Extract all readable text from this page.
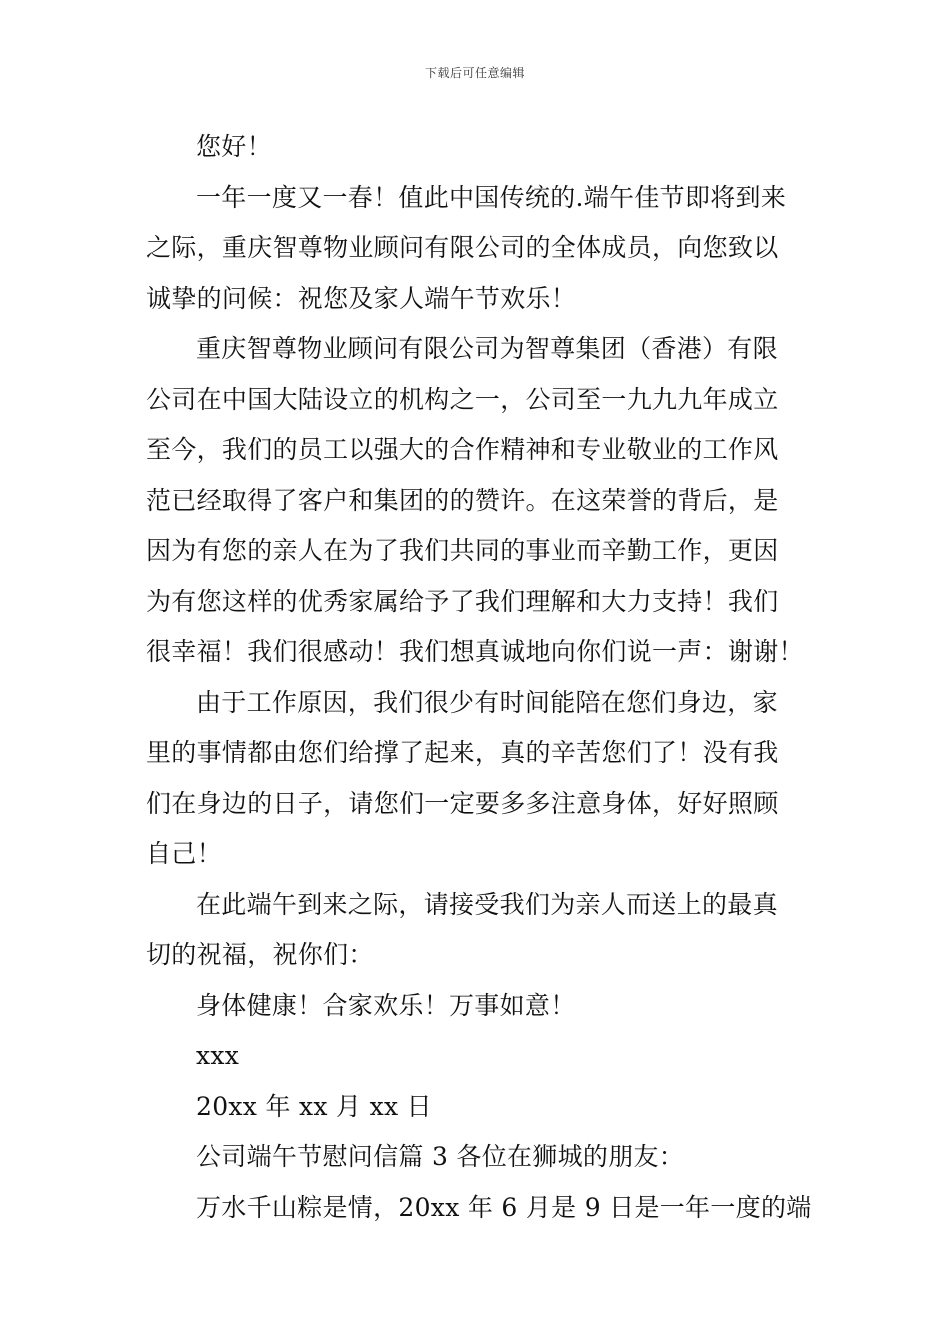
下载后可任意编辑
您好！
一年一度又一春！值此中国传统的.端午佳节即将到来
之际，重庆智尊物业顾问有限公司的全体成员，向您致以
诚挚的问候：祝您及家人端午节欢乐！
重庆智尊物业顾问有限公司为智尊集团（香港）有限
公司在中国大陆设立的机构之一，公司至一九九九年成立
至今，我们的员工以强大的合作精神和专业敬业的工作风
范已经取得了客户和集团的的赞许。在这荣誉的背后，是
因为有您的亲人在为了我们共同的事业而辛勤工作，更因
为有您这样的优秀家属给予了我们理解和大力支持！我们
很幸福！我们很感动！我们想真诚地向你们说一声：谢谢！
由于工作原因，我们很少有时间能陪在您们身边，家
里的事情都由您们给撑了起来，真的辛苦您们了！没有我
们在身边的日子，请您们一定要多多注意身体，好好照顾
自己！
在此端午到来之际，请接受我们为亲人而送上的最真
切的祝福，祝你们：
身体健康！合家欢乐！万事如意！
xxx
20xx 年 xx 月 xx 日
公司端午节慰问信篇 3 各位在狮城的朋友：
万水千山粽是情，20xx 年 6 月是 9 日是一年一度的端
